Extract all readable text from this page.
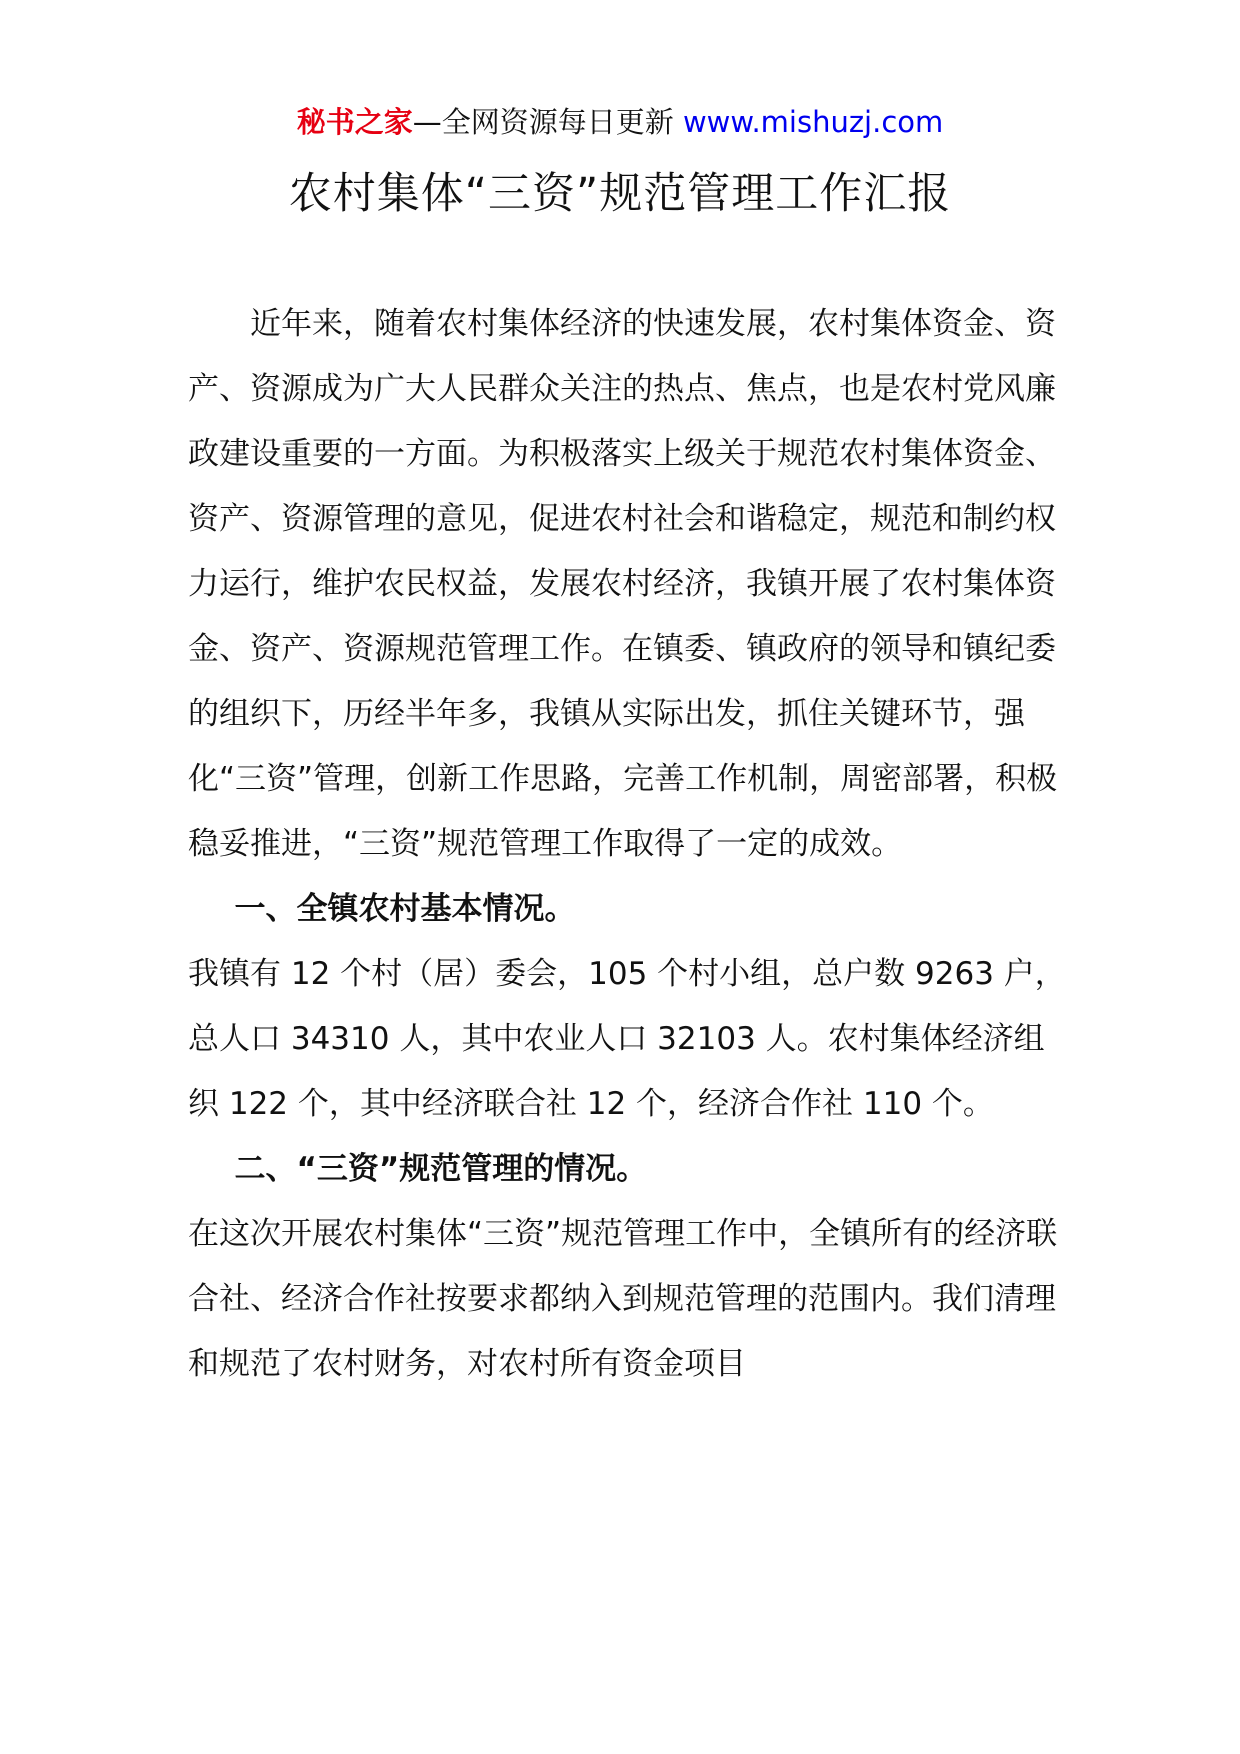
秘书之家—全网资源每日更新 www.mishuzj.com
农村集体“三资”规范管理工作汇报

近年来，随着农村集体经济的快速发展，农村集体资金、资产、资源成为广大人民群众关注的热点、焦点，也是农村党风廉政建设重要的一方面。为积极落实上级关于规范农村集体资金、资产、资源管理的意见，促进农村社会和谐稳定，规范和制约权力运行，维护农民权益，发展农村经济，我镇开展了农村集体资金、资产、资源规范管理工作。在镇委、镇政府的领导和镇纪委的组织下，历经半年多，我镇从实际出发，抓住关键环节，强化“三资”管理，创新工作思路，完善工作机制，周密部署，积极稳妥推进，“三资”规范管理工作取得了一定的成效。

一、全镇农村基本情况。

我镇有 12 个村（居）委会，105 个村小组，总户数 9263 户，总人口 34310 人，其中农业人口 32103 人。农村集体经济组织 122 个，其中经济联合社 12 个，经济合作社 110 个。

二、“三资”规范管理的情况。

在这次开展农村集体“三资”规范管理工作中，全镇所有的经济联合社、经济合作社按要求都纳入到规范管理的范围内。我们清理和规范了农村财务，对农村所有资金项目
